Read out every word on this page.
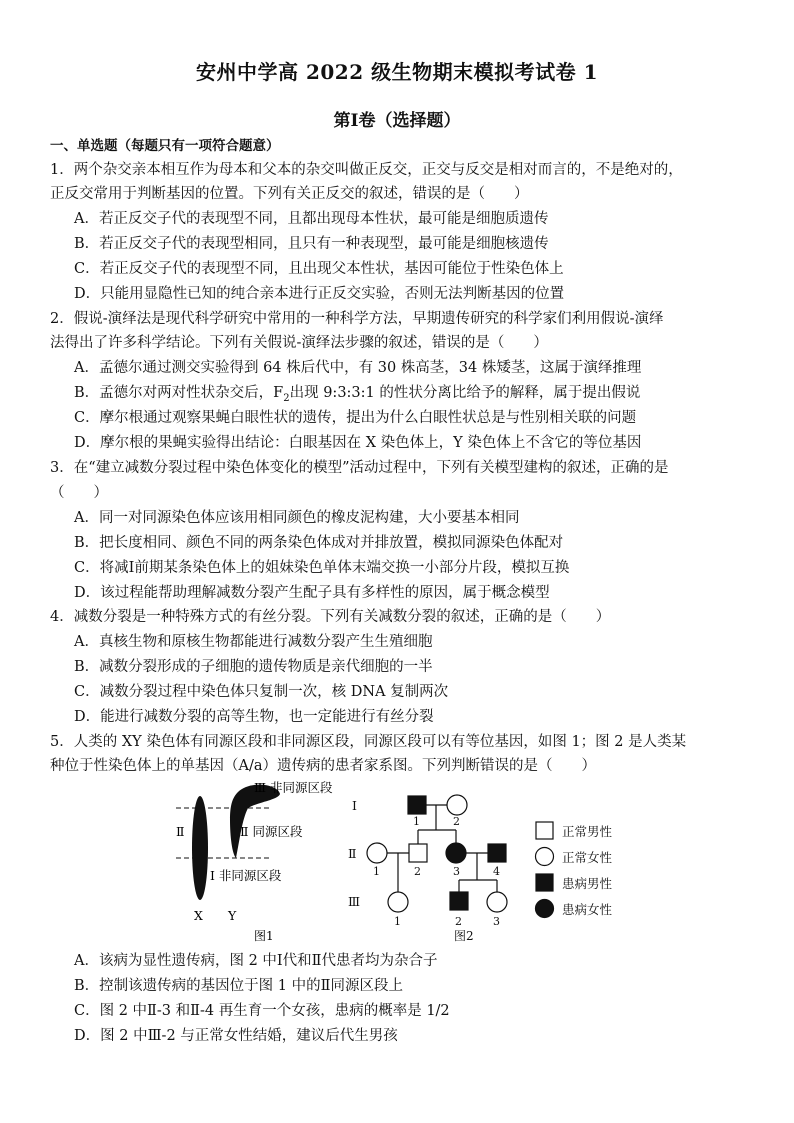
安州中学高 2022 级生物期末模拟考试卷 1
第Ⅰ卷（选择题）
一、单选题（每题只有一项符合题意）
1．两个杂交亲本相互作为母本和父本的杂交叫做正反交，正交与反交是相对而言的，不是绝对的，
正反交常用于判断基因的位置。下列有关正反交的叙述，错误的是（　　）
A．若正反交子代的表现型不同，且都出现母本性状，最可能是细胞质遗传
B．若正反交子代的表现型相同，且只有一种表现型，最可能是细胞核遗传
C．若正反交子代的表现型不同，且出现父本性状，基因可能位于性染色体上
D．只能用显隐性已知的纯合亲本进行正反交实验，否则无法判断基因的位置
2．假说-演绎法是现代科学研究中常用的一种科学方法，早期遗传研究的科学家们利用假说-演绎
法得出了许多科学结论。下列有关假说-演绎法步骤的叙述，错误的是（　　）
A．孟德尔通过测交实验得到 64 株后代中，有 30 株高茎，34 株矮茎，这属于演绎推理
B．孟德尔对两对性状杂交后，$F_2$出现 9:3:3:1 的性状分离比给予的解释，属于提出假说
C．摩尔根通过观察果蝇白眼性状的遗传，提出为什么白眼性状总是与性别相关联的问题
D．摩尔根的果蝇实验得出结论：白眼基因在 X 染色体上，Y 染色体上不含它的等位基因
3．在“建立减数分裂过程中染色体变化的模型”活动过程中，下列有关模型建构的叙述，正确的是
（　　）
A．同一对同源染色体应该用相同颜色的橡皮泥构建，大小要基本相同
B．把长度相同、颜色不同的两条染色体成对并排放置，模拟同源染色体配对
C．将减Ⅰ前期某条染色体上的姐妹染色单体末端交换一小部分片段，模拟互换
D．该过程能帮助理解减数分裂产生配子具有多样性的原因，属于概念模型
4．减数分裂是一种特殊方式的有丝分裂。下列有关减数分裂的叙述，正确的是（　　）
A．真核生物和原核生物都能进行减数分裂产生生殖细胞
B．减数分裂形成的子细胞的遗传物质是亲代细胞的一半
C．减数分裂过程中染色体只复制一次，核 DNA 复制两次
D．能进行减数分裂的高等生物，也一定能进行有丝分裂
5．人类的 XY 染色体有同源区段和非同源区段，同源区段可以有等位基因，如图 1；图 2 是人类某
种位于性染色体上的单基因（A/a）遗传病的患者家系图。下列判断错误的是（　　）
Ⅲ 非同源区段
Ⅱ	Ⅱ 同源区段
Ⅰ 非同源区段
X Y
图1
Ⅰ
Ⅱ
Ⅲ
1	2
1	2	3	4
1	2	3
图2
正常男性
正常女性
患病男性
患病女性
A．该病为显性遗传病，图 2 中Ⅰ代和Ⅱ代患者均为杂合子
B．控制该遗传病的基因位于图 1 中的Ⅱ同源区段上
C．图 2 中Ⅱ-3 和Ⅱ-4 再生育一个女孩，患病的概率是 1/2
D．图 2 中Ⅲ-2 与正常女性结婚，建议后代生男孩
